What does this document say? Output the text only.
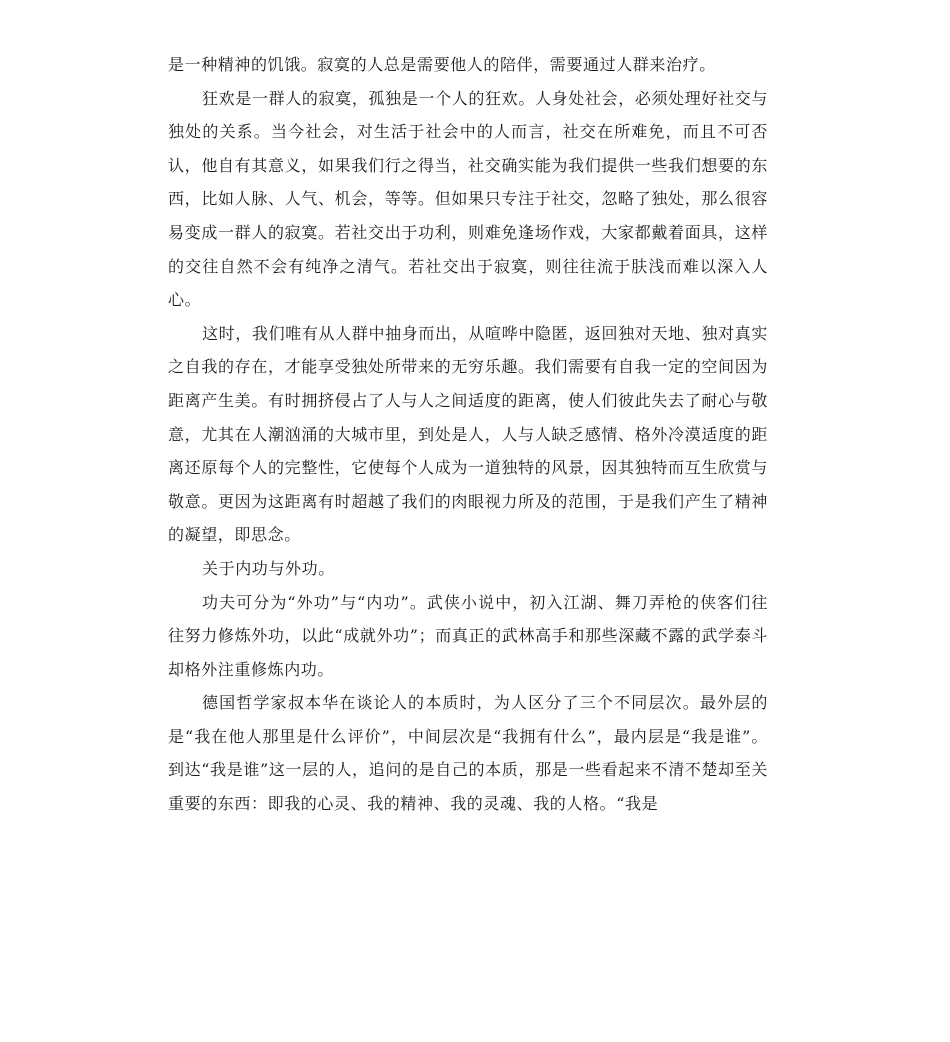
是一种精神的饥饿。寂寞的人总是需要他人的陪伴，需要通过人群来治疗。

狂欢是一群人的寂寞，孤独是一个人的狂欢。人身处社会，必须处理好社交与独处的关系。当今社会，对生活于社会中的人而言，社交在所难免，而且不可否认，他自有其意义，如果我们行之得当，社交确实能为我们提供一些我们想要的东西，比如人脉、人气、机会，等等。但如果只专注于社交，忽略了独处，那么很容易变成一群人的寂寞。若社交出于功利，则难免逢场作戏，大家都戴着面具，这样的交往自然不会有纯净之清气。若社交出于寂寞，则往往流于肤浅而难以深入人心。

这时，我们唯有从人群中抽身而出，从喧哗中隐匿，返回独对天地、独对真实之自我的存在，才能享受独处所带来的无穷乐趣。我们需要有自我一定的空间因为距离产生美。有时拥挤侵占了人与人之间适度的距离，使人们彼此失去了耐心与敬意，尤其在人潮汹涌的大城市里，到处是人，人与人缺乏感情、格外冷漠适度的距离还原每个人的完整性，它使每个人成为一道独特的风景，因其独特而互生欣赏与敬意。更因为这距离有时超越了我们的肉眼视力所及的范围，于是我们产生了精神的凝望，即思念。

关于内功与外功。

功夫可分为“外功”与“内功”。武侠小说中，初入江湖、舞刀弄枪的侠客们往往努力修炼外功，以此“成就外功”；而真正的武林高手和那些深藏不露的武学泰斗却格外注重修炼内功。

德国哲学家叔本华在谈论人的本质时，为人区分了三个不同层次。最外层的是“我在他人那里是什么评价”，中间层次是“我拥有什么”，最内层是“我是谁”。到达“我是谁”这一层的人，追问的是自己的本质，那是一些看起来不清不楚却至关重要的东西：即我的心灵、我的精神、我的灵魂、我的人格。“我是
